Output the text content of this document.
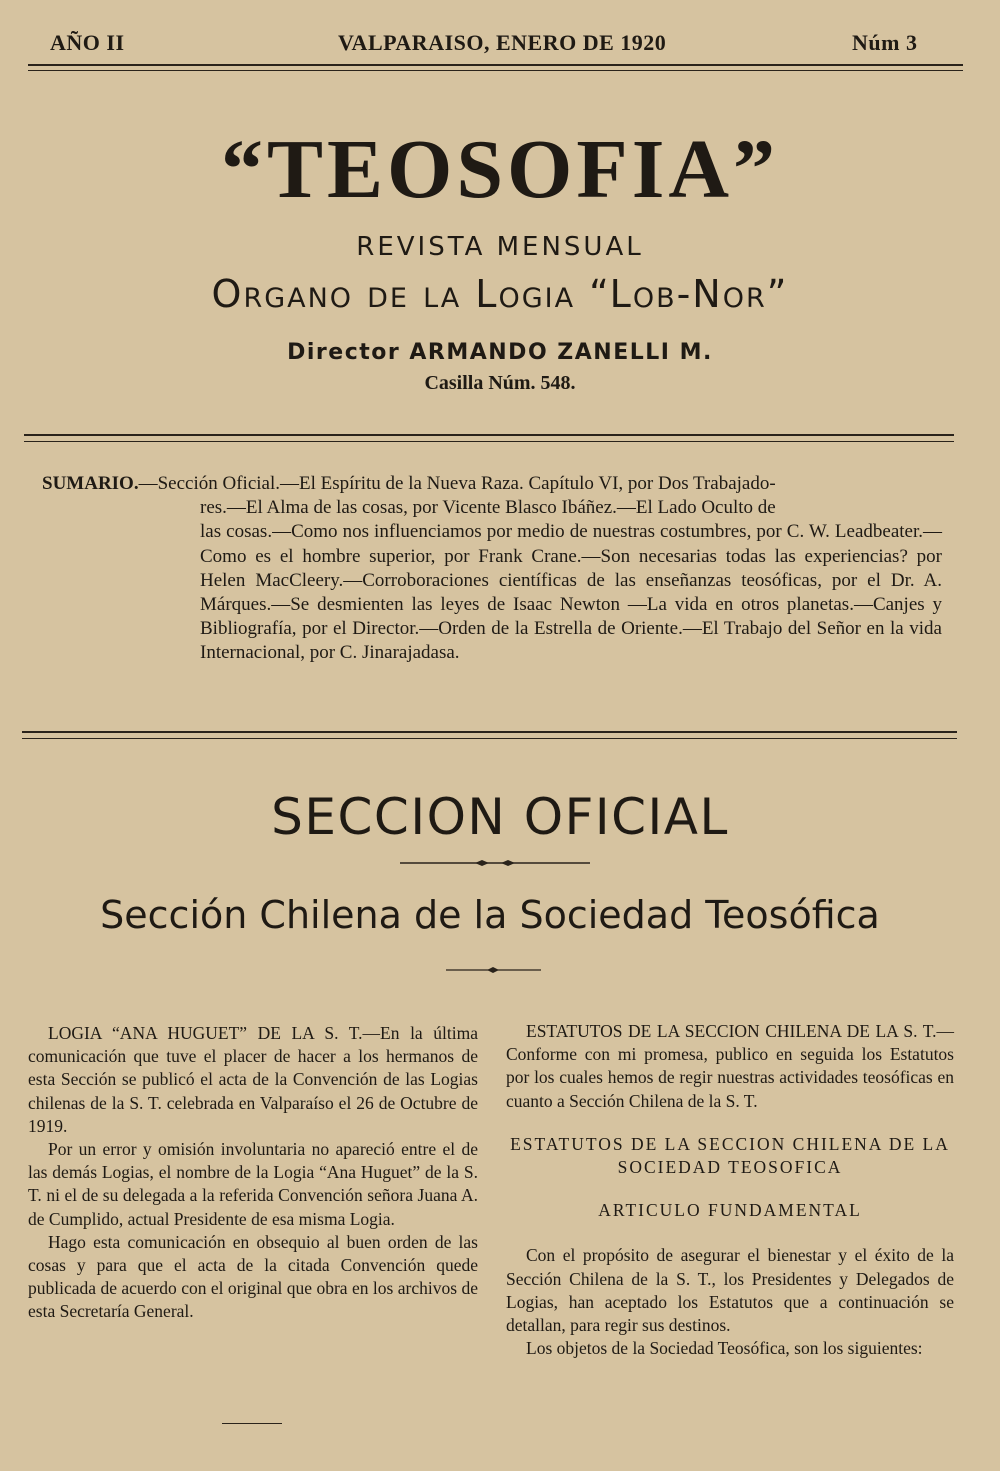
AÑO II	VALPARAISO, ENERO DE 1920	Núm 3
“TEOSOFIA”
REVISTA MENSUAL
Organo de la Logia “Lob-Nor”
Director ARMANDO ZANELLI M.
Casilla Núm. 548.
SUMARIO.—Sección Oficial.—El Espíritu de la Nueva Raza. Capítulo VI, por Dos Trabajado-
res.—El Alma de las cosas, por Vicente Blasco Ibáñez.—El Lado Oculto de
las cosas.—Como nos influenciamos por medio de nuestras costumbres, por C. W. Leadbeater.—Como es el hombre superior, por Frank Crane.—Son necesarias todas las experiencias? por Helen MacCleery.—Corroboraciones científicas de las enseñanzas teosóficas, por el Dr. A. Márques.—Se desmienten las leyes de Isaac Newton —La vida en otros planetas.—Canjes y Bibliografía, por el Director.—Orden de la Estrella de Oriente.—El Trabajo del Señor en la vida Internacional, por C. Jinarajadasa.
SECCION OFICIAL
Sección Chilena de la Sociedad Teosófica

LOGIA “ANA HUGUET” DE LA S. T.—En la última comunicación que tuve el placer de hacer a los hermanos de esta Sección se publicó el acta de la Convención de las Logias chilenas de la S. T. celebrada en Valparaíso el 26 de Octubre de 1919.

Por un error y omisión involuntaria no apareció entre el de las demás Logias, el nombre de la Logia “Ana Huguet” de la S. T. ni el de su delegada a la referida Convención señora Juana A. de Cumplido, actual Presidente de esa misma Logia.

Hago esta comunicación en obsequio al buen orden de las cosas y para que el acta de la citada Convención quede publicada de acuerdo con el original que obra en los archivos de esta Secretaría General.

ESTATUTOS DE LA SECCION CHILENA DE LA S. T.—Conforme con mi promesa, publico en seguida los Estatutos por los cuales hemos de regir nuestras actividades teosóficas en cuanto a Sección Chilena de la S. T.

ESTATUTOS DE LA SECCION CHILENA DE LA SOCIEDAD TEOSOFICA

ARTICULO FUNDAMENTAL

Con el propósito de asegurar el bienestar y el éxito de la Sección Chilena de la S. T., los Presidentes y Delegados de Logias, han aceptado los Estatutos que a continuación se detallan, para regir sus destinos.

Los objetos de la Sociedad Teosófica, son los siguientes:
